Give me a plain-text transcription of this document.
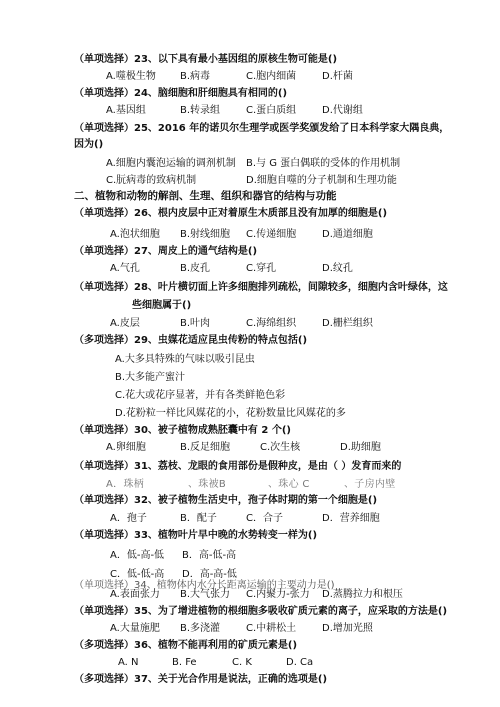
（单项选择）23、以下具有最小基因组的原核生物可能是()
A.噬极生物 B.病毒	C.胞内细菌	D.杆菌
（单项选择）24、脑细胞和肝细胞具有相同的()
A.基因组	B.转录组	C.蛋白质组	D.代谢组
（单项选择）25、2016 年的诺贝尔生理学或医学奖颁发给了日本科学家大隅良典，
因为()
A.细胞内囊泡运输的调剂机制 B.与 G 蛋白偶联的受体的作用机制
C.朊病毒的致病机制	D.细胞自噬的分子机制和生理功能
二、植物和动物的解剖、生理、组织和器官的结构与功能
（单项选择）26、根内皮层中正对着原生木质部且没有加厚的细胞是()
A.泡状细胞 B.射线细胞 C.传递细胞	D.通道细胞
（单项选择）27、周皮上的通气结构是()
A.气孔	B.皮孔	C.穿孔	D.纹孔
（单项选择）28、叶片横切面上许多细胞排列疏松，间隙较多，细胞内含叶绿体，这
些细胞属于()
A.皮层	B.叶肉	C.海绵组织	D.栅栏组织
（多项选择）29、虫媒花适应昆虫传粉的特点包括()
A.大多具特殊的气味以吸引昆虫
B.大多能产蜜汁
C.花大或花序显著，并有各类鲜艳色彩
D.花粉粒一样比风媒花的小，花粉数量比风媒花的多
（单项选择）30、被子植物成熟胚囊中有 2 个()
A.卵细胞	B.反足细胞	C.次生核	D.助细胞
（单项选择）31、荔枝、龙眼的食用部份是假种皮，是由（ ）发育而来的
A．珠柄	、珠被B	、珠心 C	、子房内壁
（单项选择）32、被子植物生活史中，孢子体时期的第一个细胞是()
A．孢子	B．配子	C．合子	D．营养细胞
（单项选择）33、植物叶片早中晚的水势转变一样为()
A．低-高-低 B．高-低-高
C．低-低-高 D．高-高-低
（单项选择）34、植物体内水分长距离运输的主要动力是()
A.表面张力 B.大气张力 C.内聚力-张力 D.蒸腾拉力和根压
（单项选择）35、为了增进植物的根细胞多吸收矿质元素的离子，应采取的方法是()
A.大量施肥 B.多浇灌	C.中耕松土	D.增加光照
（多项选择）36、植物不能再利用的矿质元素是()
A. N	B. Fe	C. K	D. Ca
（多项选择）37、关于光合作用是说法，正确的选项是()
